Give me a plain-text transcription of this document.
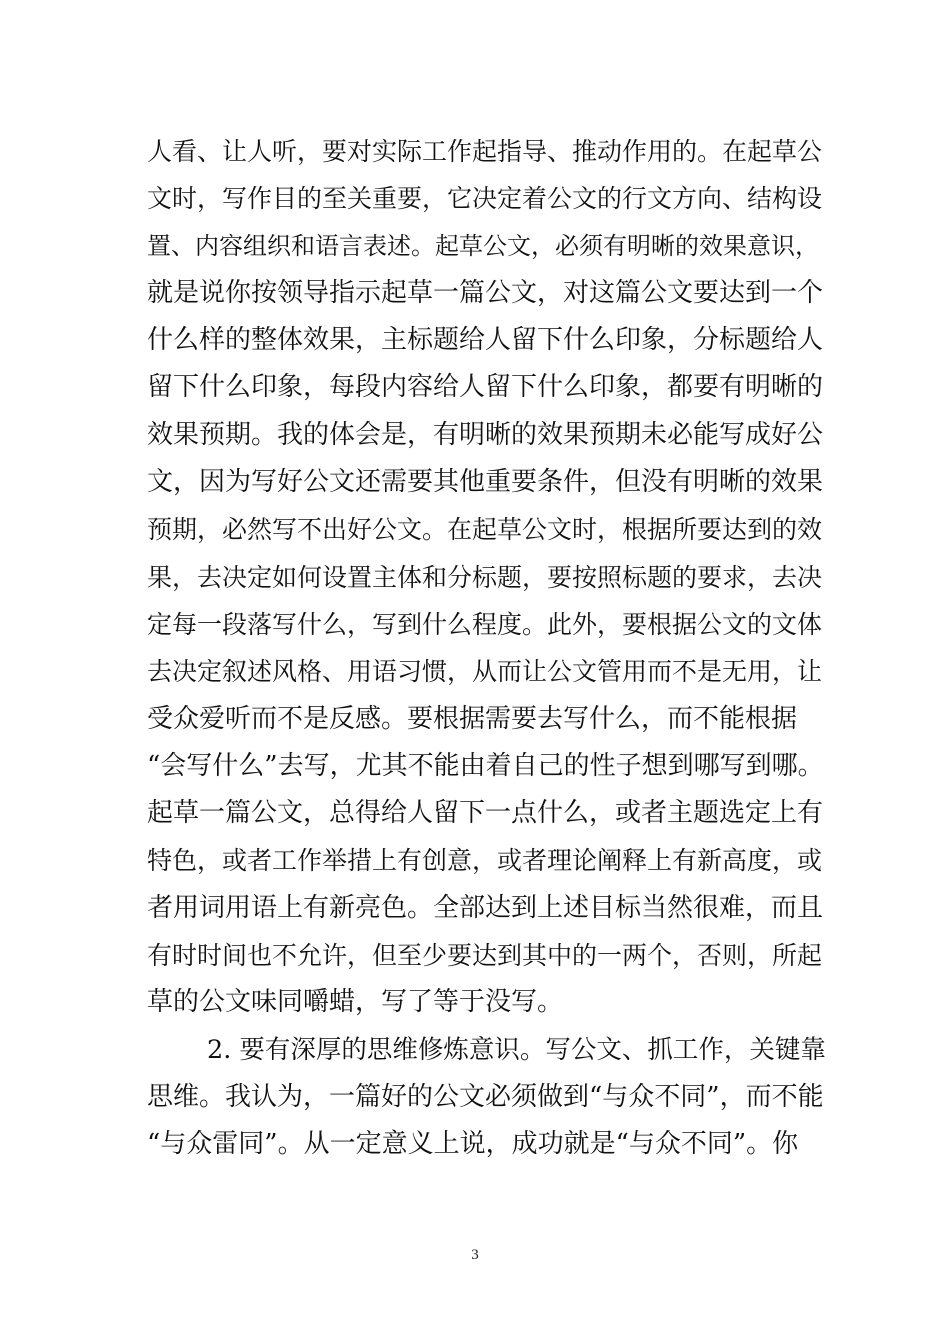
人看、让人听，要对实际工作起指导、推动作用的。在起草公
文时，写作目的至关重要，它决定着公文的行文方向、结构设
置、内容组织和语言表述。起草公文，必须有明晰的效果意识，
就是说你按领导指示起草一篇公文，对这篇公文要达到一个
什么样的整体效果，主标题给人留下什么印象，分标题给人
留下什么印象，每段内容给人留下什么印象，都要有明晰的
效果预期。我的体会是，有明晰的效果预期未必能写成好公
文，因为写好公文还需要其他重要条件，但没有明晰的效果
预期，必然写不出好公文。在起草公文时，根据所要达到的效
果，去决定如何设置主体和分标题，要按照标题的要求，去决
定每一段落写什么，写到什么程度。此外，要根据公文的文体
去决定叙述风格、用语习惯，从而让公文管用而不是无用，让
受众爱听而不是反感。要根据需要去写什么，而不能根据
“会写什么”去写，尤其不能由着自己的性子想到哪写到哪。
起草一篇公文，总得给人留下一点什么，或者主题选定上有
特色，或者工作举措上有创意，或者理论阐释上有新高度，或
者用词用语上有新亮色。全部达到上述目标当然很难，而且
有时时间也不允许，但至少要达到其中的一两个，否则，所起
草的公文味同嚼蜡，写了等于没写。
2. 要有深厚的思维修炼意识。写公文、抓工作，关键靠
思维。我认为，一篇好的公文必须做到“与众不同”，而不能
“与众雷同”。从一定意义上说，成功就是“与众不同”。你
3
